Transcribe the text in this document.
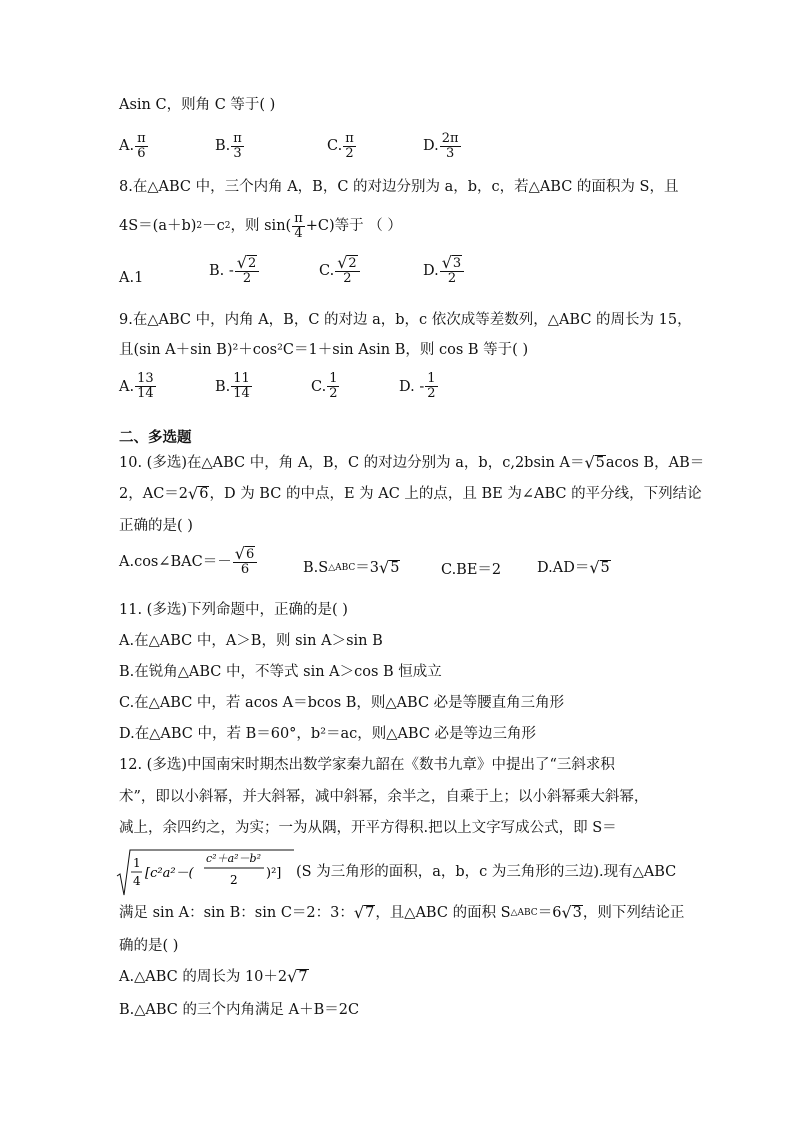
Asin C，则角 C 等于( )
A. $\frac{\pi}{6}$	B. $\frac{\pi}{3}$	C. $\frac{\pi}{2}$	D. $\frac{2\pi}{3}$
8.在△ABC 中，三个内角 A，B，C 的对边分别为 a，b，c，若△ABC 的面积为 S，且
4S＝(a＋b) 2 －c 2 ，则 $\sin( \frac{\pi}{4} +C)$等于 （ ）
A.1	B. - $\frac{√ 2}{2}$	C. $\frac{√ 2}{2}$	D. $\frac{√ 3}{2}$
9.在△ABC 中，内角 A，B，C 的对边 a，b，c 依次成等差数列，△ABC 的周长为 15，
且(sin A＋sin B)²＋cos²C＝1＋sin Asin B，则 cos B 等于( )
A. $\frac{13}{14}$	B. $\frac{11}{14}$	C. $\frac{1}{2}$	D. - $\frac{1}{2}$
二、多选题
10. (多选)在△ABC 中，角 A，B，C 的对边分别为 a，b，c,2bsin A＝ √ 5 acos B，AB＝
2，AC＝2 √ 6 ，D 为 BC 的中点，E 为 AC 上的点，且 BE 为∠ABC 的平分线，下列结论
正确的是( )
A.cos∠BAC＝－ $\frac{√ 6}{6}$	B.S △ABC ＝3 √ 5	C.BE＝2 D.AD＝ √ 5
11. (多选)下列命题中，正确的是( )
A.在△ABC 中，A＞B，则 sin A＞sin B
B.在锐角△ABC 中，不等式 sin A＞cos B 恒成立
C.在△ABC 中，若 acos A＝bcos B，则△ABC 必是等腰直角三角形
D.在△ABC 中，若 B＝60°，b²＝ac，则△ABC 必是等边三角形
12. (多选)中国南宋时期杰出数学家秦九韶在《数书九章》中提出了“三斜求积
术”，即以小斜幂，并大斜幂，减中斜幂，余半之，自乘于上；以小斜幂乘大斜幂，
减上，余四约之，为实；一为从隅，开平方得积.把以上文字写成公式，即 S＝
1
4 [c²a²－(
c²＋a²－b²
2 )²] (S 为三角形的面积，a，b，c 为三角形的三边).现有△ABC
满足 sin A：sin B：sin C＝2：3： √ 7 ，且△ABC 的面积 S △ABC ＝6 √ 3 ，则下列结论正
确的是( )
A.△ABC 的周长为 10＋2 √ 7
B.△ABC 的三个内角满足 A＋B＝2C
